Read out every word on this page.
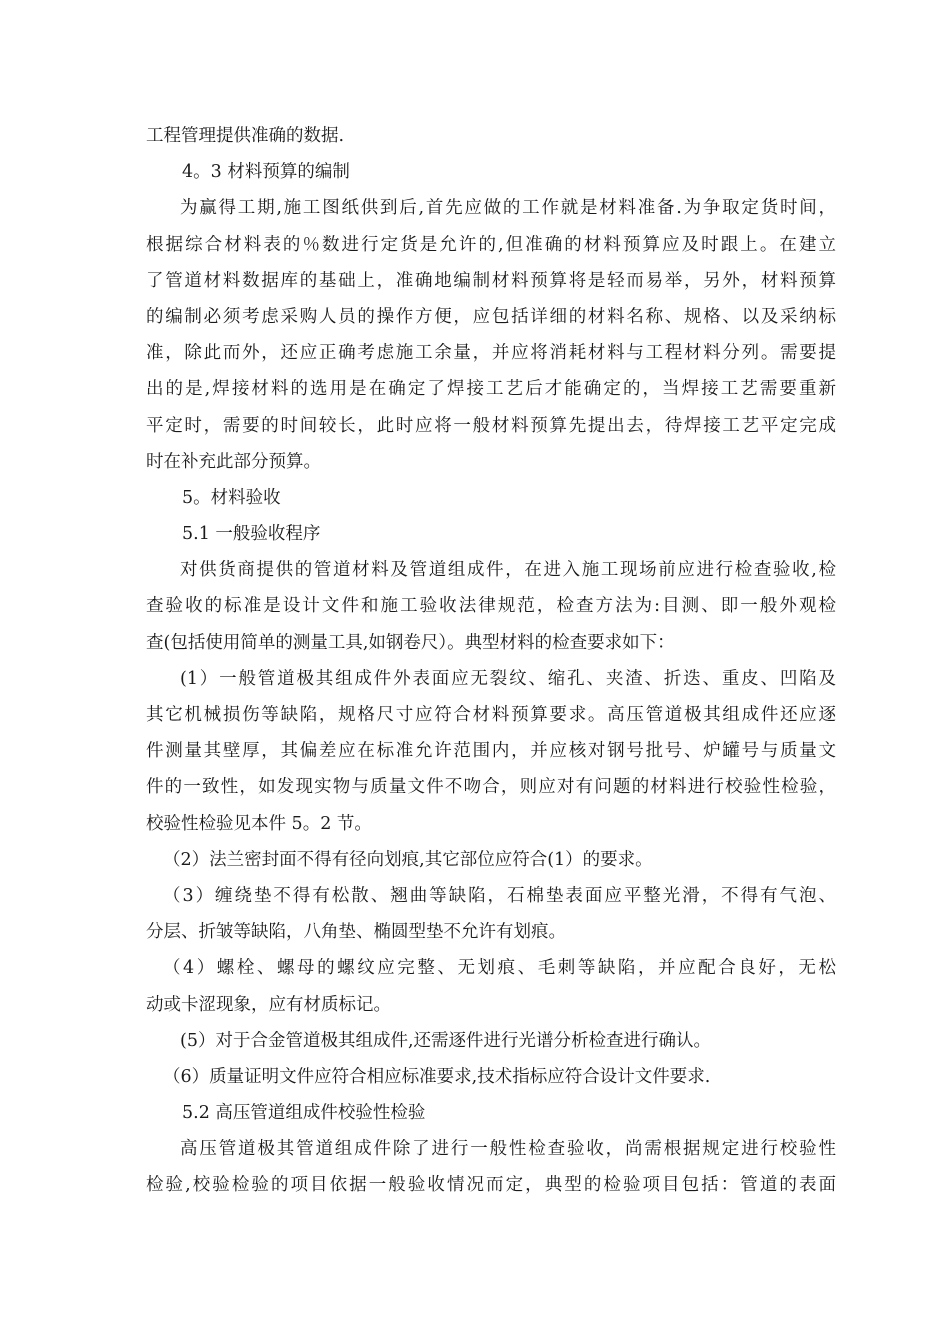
工程管理提供准确的数据.
4。3 材料预算的编制
为赢得工期,施工图纸供到后,首先应做的工作就是材料准备.为争取定货时间，
根据综合材料表的％数进行定货是允许的,但准确的材料预算应及时跟上。在建立
了管道材料数据库的基础上，准确地编制材料预算将是轻而易举，另外，材料预算
的编制必须考虑采购人员的操作方便，应包括详细的材料名称、规格、以及采纳标
准，除此而外，还应正确考虑施工余量，并应将消耗材料与工程材料分列。需要提
出的是,焊接材料的选用是在确定了焊接工艺后才能确定的，当焊接工艺需要重新
平定时，需要的时间较长，此时应将一般材料预算先提出去，待焊接工艺平定完成
时在补充此部分预算。
5。材料验收
5.1 一般验收程序
对供货商提供的管道材料及管道组成件，在进入施工现场前应进行检查验收,检
查验收的标准是设计文件和施工验收法律规范，检查方法为:目测、即一般外观检
查(包括使用简单的测量工具,如钢卷尺）。典型材料的检查要求如下：
(1）一般管道极其组成件外表面应无裂纹、缩孔、夹渣、折迭、重皮、凹陷及
其它机械损伤等缺陷，规格尺寸应符合材料预算要求。高压管道极其组成件还应逐
件测量其壁厚，其偏差应在标准允许范围内，并应核对钢号批号、炉罐号与质量文
件的一致性，如发现实物与质量文件不吻合，则应对有问题的材料进行校验性检验，
校验性检验见本件 5。2 节。
（2）法兰密封面不得有径向划痕,其它部位应符合(1）的要求。
（3）缠绕垫不得有松散、翘曲等缺陷，石棉垫表面应平整光滑，不得有气泡、
分层、折皱等缺陷，八角垫、椭圆型垫不允许有划痕。
（4）螺栓、螺母的螺纹应完整、无划痕、毛刺等缺陷，并应配合良好，无松
动或卡涩现象，应有材质标记。
(5）对于合金管道极其组成件,还需逐件进行光谱分析检查进行确认。
（6）质量证明文件应符合相应标准要求,技术指标应符合设计文件要求.
5.2 高压管道组成件校验性检验
高压管道极其管道组成件除了进行一般性检查验收，尚需根据规定进行校验性
检验,校验检验的项目依据一般验收情况而定，典型的检验项目包括：管道的表面
